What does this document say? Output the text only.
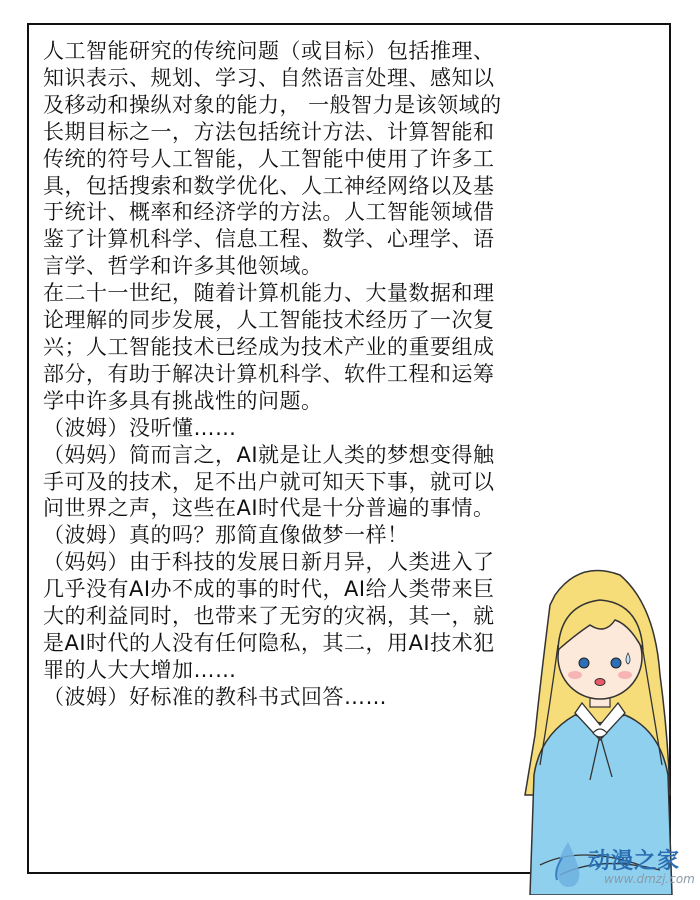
人工智能研究的传统问题（或目标）包括推理、知识表示、规划、学习、自然语言处理、感知以及移动和操纵对象的能力， 一般智力是该领域的长期目标之一，方法包括统计方法、计算智能和传统的符号人工智能，人工智能中使用了许多工具，包括搜索和数学优化、人工神经网络以及基于统计、概率和经济学的方法。人工智能领域借鉴了计算机科学、信息工程、数学、心理学、语言学、哲学和许多其他领域。
在二十一世纪，随着计算机能力、大量数据和理论理解的同步发展，人工智能技术经历了一次复兴；人工智能技术已经成为技术产业的重要组成部分，有助于解决计算机科学、软件工程和运筹学中许多具有挑战性的问题。
（波姆）没听懂……
（妈妈）简而言之，AI就是让人类的梦想变得触手可及的技术，足不出户就可知天下事，就可以问世界之声，这些在AI时代是十分普遍的事情。
（波姆）真的吗？那简直像做梦一样！
（妈妈）由于科技的发展日新月异，人类进入了几乎没有AI办不成的事的时代，AI给人类带来巨大的利益同时，也带来了无穷的灾祸，其一，就是AI时代的人没有任何隐私，其二，用AI技术犯罪的人大大增加……
（波姆）好标准的教科书式回答……
动漫之家
www.dmzj.com
